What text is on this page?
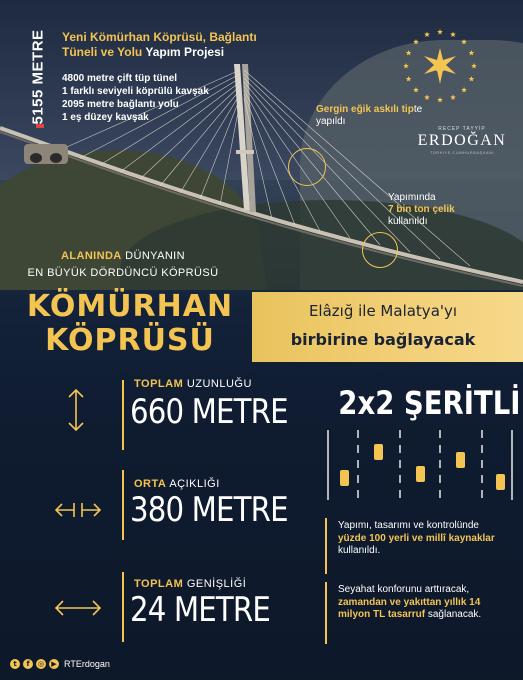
5155 METRE Yeni Kömürhan Köprüsü, Bağlantı
Tüneli ve Yolu Yapım Projesi
4800 metre çift tüp tünel
1 farklı seviyeli köprülü kavşak
2095 metre bağlantı yolu
1 eş düzey kavşak
Gergin eğik askılı tipte
yapıldı
Yapımında
7 bin ton çelik
kullanıldı
RECEP TAYYİP
ERDOĞAN
TÜRKİYE CUMHURBAŞKANI
ALANINDA DÜNYANIN
EN BÜYÜK DÖRDÜNCÜ KÖPRÜSÜ
KÖMÜRHAN
KÖPRÜSÜ
Elâzığ ile Malatya'yı
birbirine bağlayacak
TOPLAM UZUNLUĞU
660 METRE
ORTA AÇIKLIĞI
380 METRE
TOPLAM GENİŞLİĞİ
24 METRE
2x2 ŞERİTLİ
Yapımı, tasarımı ve kontrolünde yüzde 100 yerli ve millî kaynaklar kullanıldı.
Seyahat konforunu arttıracak, zamandan ve yakıttan yıllık 14 milyon TL tasarruf sağlanacak.
t	f	◎	▶ RTErdogan
